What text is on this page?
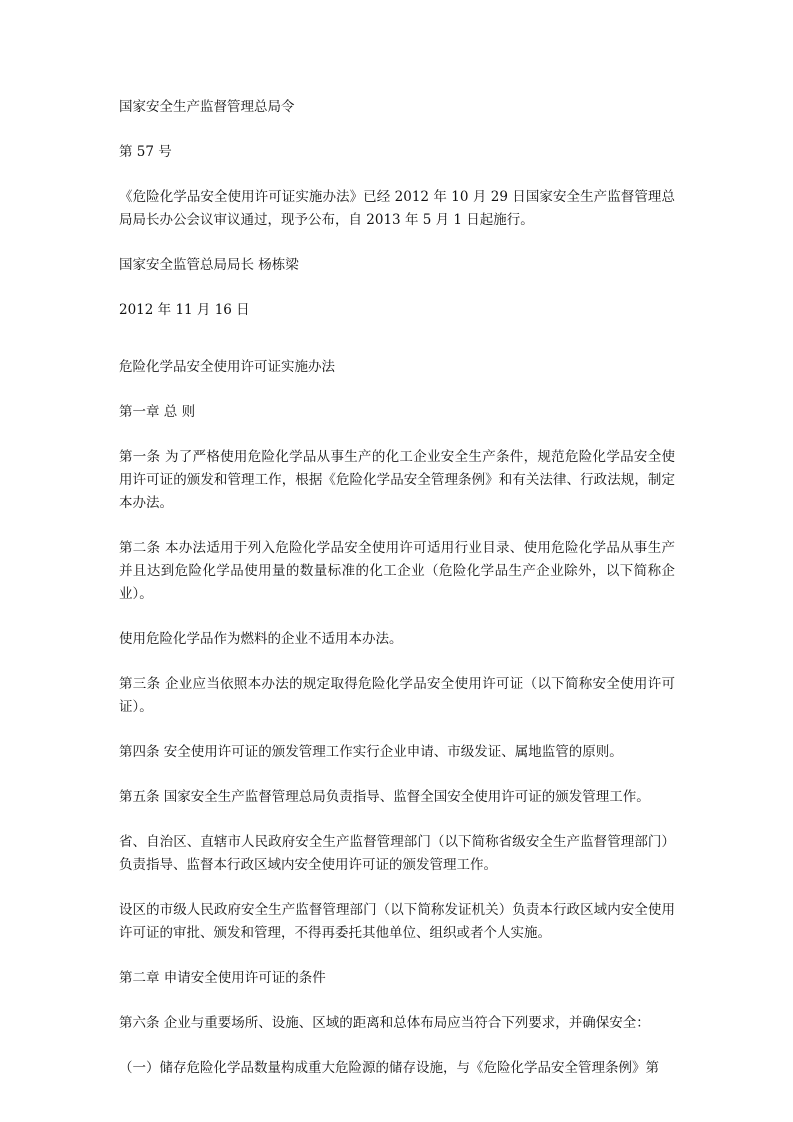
国家安全生产监督管理总局令

第 57 号

《危险化学品安全使用许可证实施办法》已经 2012 年 10 月 29 日国家安全生产监督管理总局局长办公会议审议通过，现予公布，自 2013 年 5 月 1 日起施行。

国家安全监管总局局长 杨栋梁

2012 年 11 月 16 日

危险化学品安全使用许可证实施办法

第一章 总 则

第一条 为了严格使用危险化学品从事生产的化工企业安全生产条件，规范危险化学品安全使用许可证的颁发和管理工作，根据《危险化学品安全管理条例》和有关法律、行政法规，制定本办法。

第二条 本办法适用于列入危险化学品安全使用许可适用行业目录、使用危险化学品从事生产并且达到危险化学品使用量的数量标准的化工企业（危险化学品生产企业除外，以下简称企业）。

使用危险化学品作为燃料的企业不适用本办法。

第三条 企业应当依照本办法的规定取得危险化学品安全使用许可证（以下简称安全使用许可证）。

第四条 安全使用许可证的颁发管理工作实行企业申请、市级发证、属地监管的原则。

第五条 国家安全生产监督管理总局负责指导、监督全国安全使用许可证的颁发管理工作。

省、自治区、直辖市人民政府安全生产监督管理部门（以下简称省级安全生产监督管理部门）负责指导、监督本行政区域内安全使用许可证的颁发管理工作。

设区的市级人民政府安全生产监督管理部门（以下简称发证机关）负责本行政区域内安全使用许可证的审批、颁发和管理，不得再委托其他单位、组织或者个人实施。

第二章 申请安全使用许可证的条件

第六条 企业与重要场所、设施、区域的距离和总体布局应当符合下列要求，并确保安全：

（一）储存危险化学品数量构成重大危险源的储存设施，与《危险化学品安全管理条例》第
